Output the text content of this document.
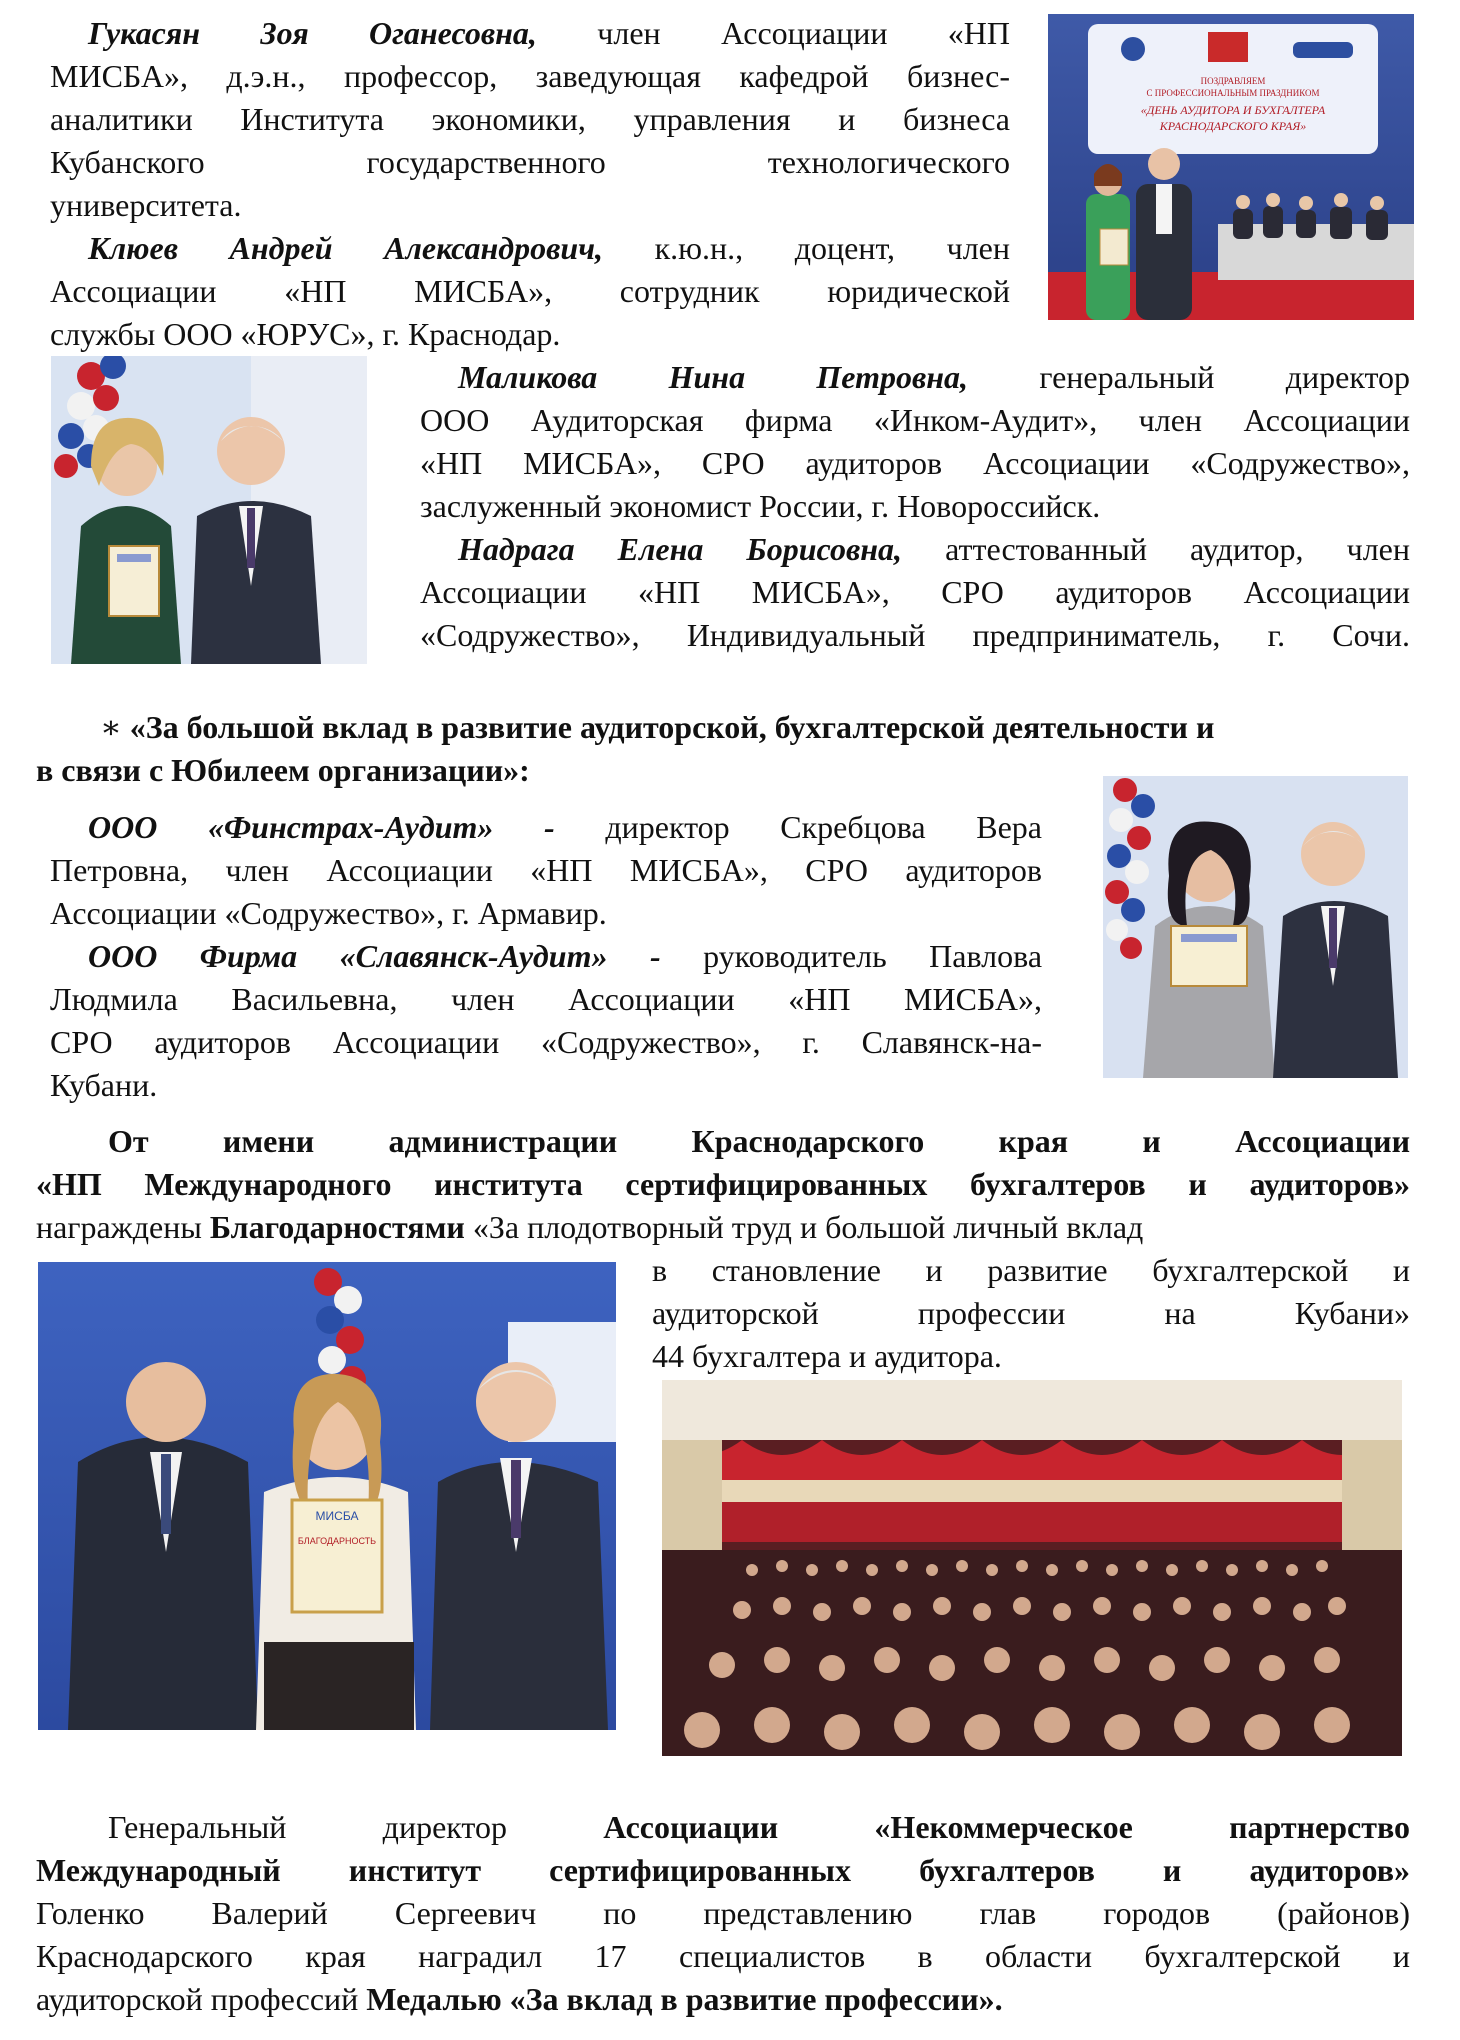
ПОЗДРАВЛЯЕМ
С ПРОФЕССИОНАЛЬНЫМ ПРАЗДНИКОМ
«ДЕНЬ АУДИТОРА И БУХГАЛТЕРА
КРАСНОДАРСКОГО КРАЯ»
МИСБА
БЛАГОДАРНОСТЬ

Гукасян Зоя Оганесовна, член Ассоциации «НП

МИСБА», д.э.н., профессор, заведующая кафедрой бизнес-

аналитики Института экономики, управления и бизнеса

Кубанского государственного технологического

университета.

Клюев Андрей Александрович, к.ю.н., доцент, член

Ассоциации «НП МИСБА», сотрудник юридической

службы ООО «ЮРУС», г. Краснодар.

Маликова Нина Петровна, генеральный директор

ООО Аудиторская фирма «Инком-Аудит», член Ассоциации

«НП МИСБА», СРО аудиторов Ассоциации «Содружество»,

заслуженный экономист России, г. Новороссийск.

Надрага Елена Борисовна, аттестованный аудитор, член

Ассоциации «НП МИСБА», СРО аудиторов Ассоциации

«Содружество», Индивидуальный предприниматель, г. Сочи.

∗ «За большой вклад в развитие аудиторской, бухгалтерской деятельности и

в связи с Юбилеем организации»:

ООО «Финстрах-Аудит» - директор Скребцова Вера

Петровна, член Ассоциации «НП МИСБА», СРО аудиторов

Ассоциации «Содружество», г. Армавир.

ООО Фирма «Славянск-Аудит» - руководитель Павлова

Людмила Васильевна, член Ассоциации «НП МИСБА»,

СРО аудиторов Ассоциации «Содружество», г. Славянск-на-

Кубани.

От имени администрации Краснодарского края и Ассоциации

«НП Международного института сертифицированных бухгалтеров и аудиторов»

награждены Благодарностями «За плодотворный труд и большой личный вклад

в становление и развитие бухгалтерской и

аудиторской профессии на Кубани»

44 бухгалтера и аудитора.

Генеральный директор	Ассоциации «Некоммерческое партнерство

Международный институт сертифицированных бухгалтеров и аудиторов»

Голенко Валерий Сергеевич по представлению глав городов (районов)

Краснодарского края наградил 17 специалистов в области бухгалтерской и

аудиторской профессий Медалью «За вклад в развитие профессии».
